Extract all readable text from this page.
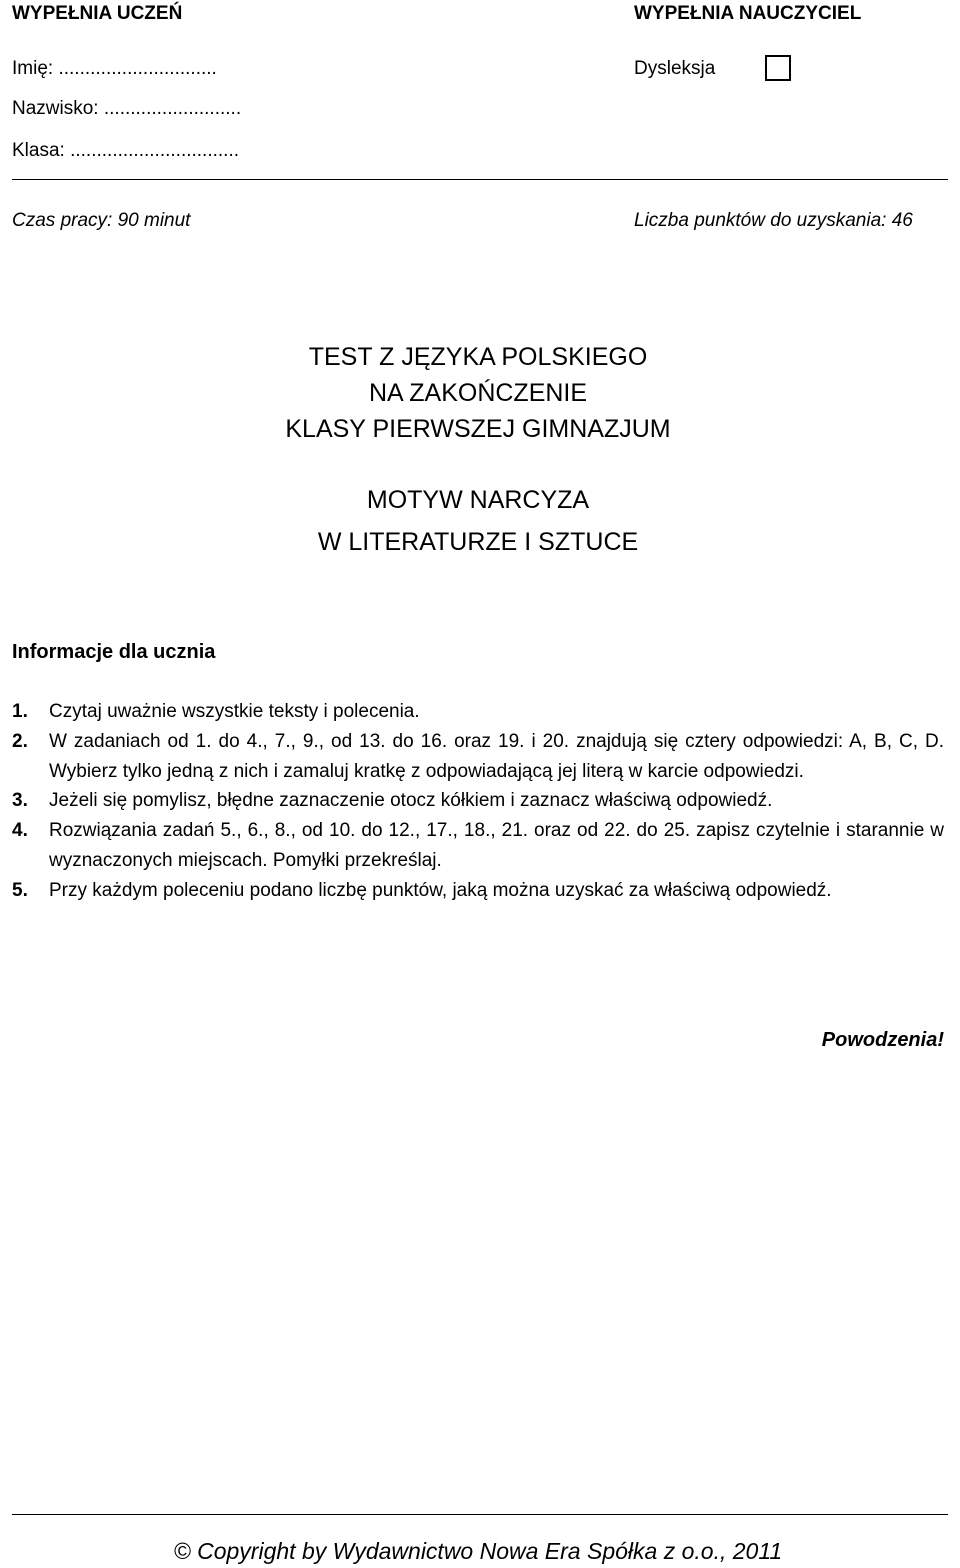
WYPEŁNIA UCZEŃ
Imię: ..............................
Nazwisko: ..........................
Klasa: ................................
WYPEŁNIA NAUCZYCIEL
Dysleksja
Czas pracy: 90 minut	Liczba punktów do uzyskania: 46
TEST Z JĘZYKA POLSKIEGO
NA ZAKOŃCZENIE
KLASY PIERWSZEJ GIMNAZJUM
MOTYW NARCYZA
W LITERATURZE I SZTUCE
Informacje dla ucznia
1.	Czytaj uważnie wszystkie teksty i polecenia.
2.	W zadaniach od 1. do 4., 7., 9., od 13. do 16. oraz 19. i 20. znajdują się cztery odpowiedzi: A, B, C, D. Wybierz tylko jedną z nich i zamaluj kratkę z odpowiadającą jej literą w karcie odpowiedzi.
3.	Jeżeli się pomylisz, błędne zaznaczenie otocz kółkiem i zaznacz właściwą odpowiedź.
4.	Rozwiązania zadań 5., 6., 8., od 10. do 12., 17., 18., 21. oraz od 22. do 25. zapisz czytelnie i starannie w wyznaczonych miejscach. Pomyłki przekreślaj.
5.	Przy każdym poleceniu podano liczbę punktów, jaką można uzyskać za właściwą odpowiedź.
Powodzenia!
© Copyright by Wydawnictwo Nowa Era Spółka z o.o., 2011
